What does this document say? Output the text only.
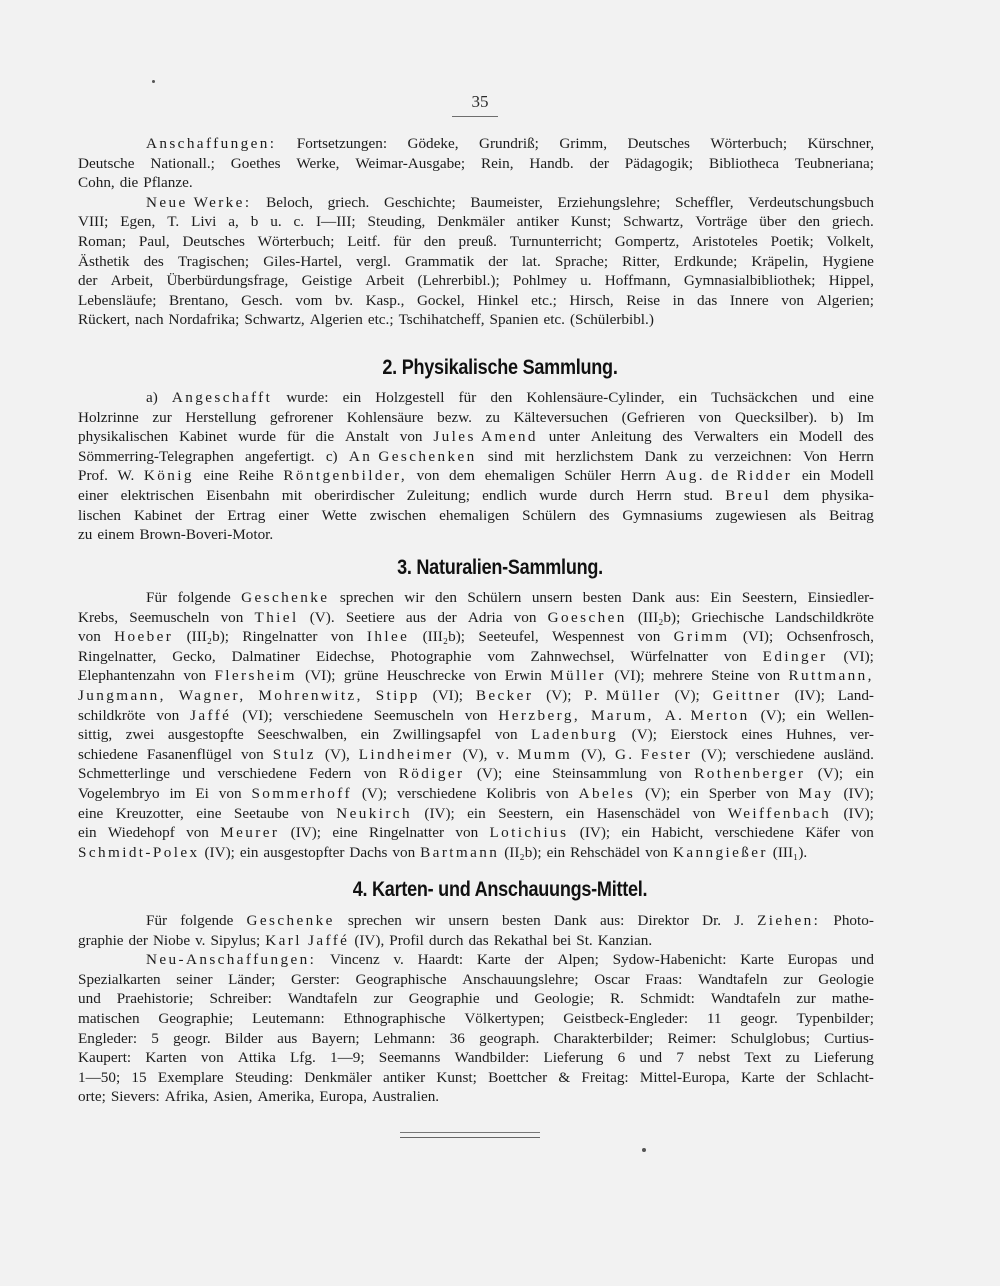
35
Anschaffungen: Fortsetzungen: Gödeke, Grundriß; Grimm, Deutsches Wörterbuch; Kürschner,
Deutsche Nationall.; Goethes Werke, Weimar-Ausgabe; Rein, Handb. der Pädagogik; Bibliotheca Teubneriana;
Cohn, die Pflanze.
Neue Werke: Beloch, griech. Geschichte; Baumeister, Erziehungslehre; Scheffler, Verdeutschungsbuch
VIII; Egen, T. Livi a, b u. c. I—III; Steuding, Denkmäler antiker Kunst; Schwartz, Vorträge über den griech.
Roman; Paul, Deutsches Wörterbuch; Leitf. für den preuß. Turnunterricht; Gompertz, Aristoteles Poetik; Volkelt,
Ästhetik des Tragischen; Giles-Hartel, vergl. Grammatik der lat. Sprache; Ritter, Erdkunde; Kräpelin, Hygiene
der Arbeit, Überbürdungsfrage, Geistige Arbeit (Lehrerbibl.); Pohlmey u. Hoffmann, Gymnasialbibliothek; Hippel,
Lebensläufe; Brentano, Gesch. vom bv. Kasp., Gockel, Hinkel etc.; Hirsch, Reise in das Innere von Algerien;
Rückert, nach Nordafrika; Schwartz, Algerien etc.; Tschihatcheff, Spanien etc. (Schülerbibl.)
2. Physikalische Sammlung.
a) Angeschafft wurde: ein Holzgestell für den Kohlensäure-Cylinder, ein Tuchsäckchen und eine
Holzrinne zur Herstellung gefrorener Kohlensäure bezw. zu Kälteversuchen (Gefrieren von Quecksilber). b) Im
physikalischen Kabinet wurde für die Anstalt von Jules Amend unter Anleitung des Verwalters ein Modell des
Sömmerring-Telegraphen angefertigt. c) An Geschenken sind mit herzlichstem Dank zu verzeichnen: Von Herrn
Prof. W. König eine Reihe Röntgenbilder, von dem ehemaligen Schüler Herrn Aug. de Ridder ein Modell
einer elektrischen Eisenbahn mit oberirdischer Zuleitung; endlich wurde durch Herrn stud. Breul dem physika-
lischen Kabinet der Ertrag einer Wette zwischen ehemaligen Schülern des Gymnasiums zugewiesen als Beitrag
zu einem Brown-Boveri-Motor.
3. Naturalien-Sammlung.
Für folgende Geschenke sprechen wir den Schülern unsern besten Dank aus: Ein Seestern, Einsiedler-
Krebs, Seemuscheln von Thiel (V). Seetiere aus der Adria von Goeschen (III₂b); Griechische Landschildkröte
von Hoeber (III₂b); Ringelnatter von Ihlee (III₂b); Seeteufel, Wespennest von Grimm (VI); Ochsenfrosch,
Ringelnatter, Gecko, Dalmatiner Eidechse, Photographie vom Zahnwechsel, Würfelnatter von Edinger (VI);
Elephantenzahn von Flersheim (VI); grüne Heuschrecke von Erwin Müller (VI); mehrere Steine von Ruttmann,
Jungmann, Wagner, Mohrenwitz, Stipp (VI); Becker (V); P. Müller (V); Geittner (IV); Land-
schildkröte von Jaffé (VI); verschiedene Seemuscheln von Herzberg, Marum, A. Merton (V); ein Wellen-
sittig, zwei ausgestopfte Seeschwalben, ein Zwillingsapfel von Ladenburg (V); Eierstock eines Huhnes, ver-
schiedene Fasanenflügel von Stulz (V), Lindheimer (V), v. Mumm (V), G. Fester (V); verschiedene ausländ.
Schmetterlinge und verschiedene Federn von Rödiger (V); eine Steinsammlung von Rothenberger (V); ein
Vogelembryo im Ei von Sommerhoff (V); verschiedene Kolibris von Abeles (V); ein Sperber von May (IV);
eine Kreuzotter, eine Seetaube von Neukirch (IV); ein Seestern, ein Hasenschädel von Weiffenbach (IV);
ein Wiedehopf von Meurer (IV); eine Ringelnatter von Lotichius (IV); ein Habicht, verschiedene Käfer von
Schmidt-Polex (IV); ein ausgestopfter Dachs von Bartmann (II₂b); ein Rehschädel von Kanngießer (III₁).
4. Karten- und Anschauungs-Mittel.
Für folgende Geschenke sprechen wir unsern besten Dank aus: Direktor Dr. J. Ziehen: Photo-
graphie der Niobe v. Sipylus; Karl Jaffé (IV), Profil durch das Rekathal bei St. Kanzian.
Neu-Anschaffungen: Vincenz v. Haardt: Karte der Alpen; Sydow-Habenicht: Karte Europas und
Spezialkarten seiner Länder; Gerster: Geographische Anschauungslehre; Oscar Fraas: Wandtafeln zur Geologie
und Praehistorie; Schreiber: Wandtafeln zur Geographie und Geologie; R. Schmidt: Wandtafeln zur mathe-
matischen Geographie; Leutemann: Ethnographische Völkertypen; Geistbeck-Engleder: 11 geogr. Typenbilder;
Engleder: 5 geogr. Bilder aus Bayern; Lehmann: 36 geograph. Charakterbilder; Reimer: Schulglobus; Curtius-
Kaupert: Karten von Attika Lfg. 1—9; Seemanns Wandbilder: Lieferung 6 und 7 nebst Text zu Lieferung
1—50; 15 Exemplare Steuding: Denkmäler antiker Kunst; Boettcher & Freitag: Mittel-Europa, Karte der Schlacht-
orte; Sievers: Afrika, Asien, Amerika, Europa, Australien.
